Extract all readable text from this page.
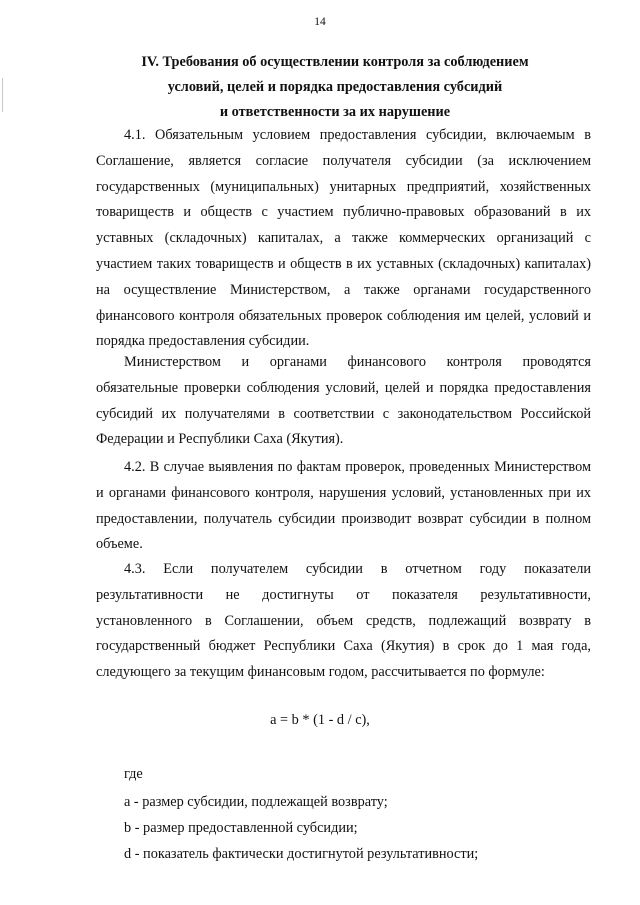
14
IV. Требования об осуществлении контроля за соблюдением
условий, целей и порядка предоставления субсидий
и ответственности за их нарушение

4.1. Обязательным условием предоставления субсидии, включаемым в Соглашение, является согласие получателя субсидии (за исключением государственных (муниципальных) унитарных предприятий, хозяйственных товариществ и обществ с участием публично-правовых образований в их уставных (складочных) капиталах, а также коммерческих организаций с участием таких товариществ и обществ в их уставных (складочных) капиталах) на осуществление Министерством, а также органами государственного финансового контроля обязательных проверок соблюдения им целей, условий и порядка предоставления субсидии.

Министерством и органами финансового контроля проводятся обязательные проверки соблюдения условий, целей и порядка предоставления субсидий их получателями в соответствии с законодательством Российской Федерации и Республики Саха (Якутия).

4.2. В случае выявления по фактам проверок, проведенных Министерством и органами финансового контроля, нарушения условий, установленных при их предоставлении, получатель субсидии производит возврат субсидии в полном объеме.

4.3. Если получателем субсидии в отчетном году показатели результативности не достигнуты от показателя результативности, установленного в Соглашении, объем средств, подлежащий возврату в государственный бюджет Республики Саха (Якутия) в срок до 1 мая года, следующего за текущим финансовым годом, рассчитывается по формуле:

a = b * (1 - d / c),
где
a - размер субсидии, подлежащей возврату;
b - размер предоставленной субсидии;
d - показатель фактически достигнутой результативности;
